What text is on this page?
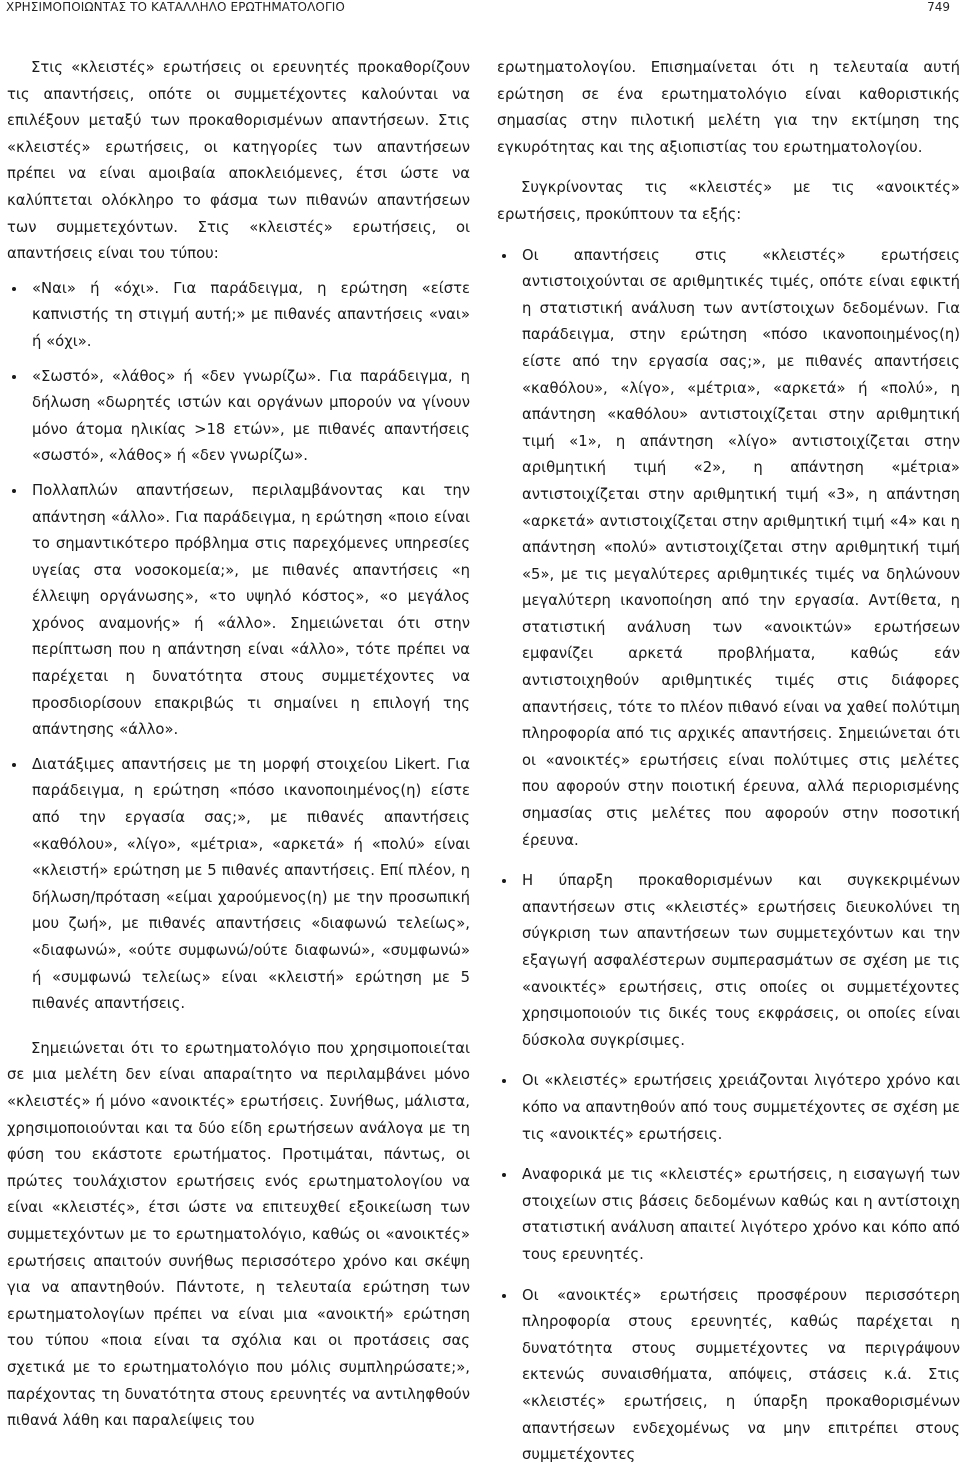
ΧΡΗΣΙΜΟΠΟΙΩΝΤΑΣ ΤΟ ΚΑΤΑΛΛΗΛΟ ΕΡΩΤΗΜΑΤΟΛΟΓΙΟ	749

Στις «κλειστές» ερωτήσεις οι ερευνητές προκαθορίζουν τις απαντήσεις, οπότε οι συμμετέχοντες καλούνται να επιλέξουν μεταξύ των προκαθορισμένων απαντήσεων. Στις «κλειστές» ερωτήσεις, οι κατηγορίες των απαντήσεων πρέπει να είναι αμοιβαία αποκλειόμενες, έτσι ώστε να καλύπτεται ολόκληρο το φάσμα των πιθανών απαντήσεων των συμμετεχόντων. Στις «κλειστές» ερωτήσεις, οι απαντήσεις είναι του τύπου:

«Ναι» ή «όχι». Για παράδειγμα, η ερώτηση «είστε καπνιστής τη στιγμή αυτή;» με πιθανές απαντήσεις «ναι» ή «όχι».
«Σωστό», «λάθος» ή «δεν γνωρίζω». Για παράδειγμα, η δήλωση «δωρητές ιστών και οργάνων μπορούν να γίνουν μόνο άτομα ηλικίας >18 ετών», με πιθανές απαντήσεις «σωστό», «λάθος» ή «δεν γνωρίζω».
Πολλαπλών απαντήσεων, περιλαμβάνοντας και την απάντηση «άλλο». Για παράδειγμα, η ερώτηση «ποιο είναι το σημαντικότερο πρόβλημα στις παρεχόμενες υπηρεσίες υγείας στα νοσοκομεία;», με πιθανές απαντήσεις «η έλλειψη οργάνωσης», «το υψηλό κόστος», «ο μεγάλος χρόνος αναμονής» ή «άλλο». Σημειώνεται ότι στην περίπτωση που η απάντηση είναι «άλλο», τότε πρέπει να παρέχεται η δυνατότητα στους συμμετέχοντες να προσδιορίσουν επακριβώς τι σημαίνει η επιλογή της απάντησης «άλλο».
Διατάξιμες απαντήσεις με τη μορφή στοιχείου Likert. Για παράδειγμα, η ερώτηση «πόσο ικανοποιημένος(η) είστε από την εργασία σας;», με πιθανές απαντήσεις «καθόλου», «λίγο», «μέτρια», «αρκετά» ή «πολύ» είναι «κλειστή» ερώτηση με 5 πιθανές απαντήσεις. Επί πλέον, η δήλωση/πρόταση «είμαι χαρούμενος(η) με την προσωπική μου ζωή», με πιθανές απαντήσεις «διαφωνώ τελείως», «διαφωνώ», «ούτε συμφωνώ/ούτε διαφωνώ», «συμφωνώ» ή «συμφωνώ τελείως» είναι «κλειστή» ερώτηση με 5 πιθανές απαντήσεις.

Σημειώνεται ότι το ερωτηματολόγιο που χρησιμοποιείται σε μια μελέτη δεν είναι απαραίτητο να περιλαμβάνει μόνο «κλειστές» ή μόνο «ανοικτές» ερωτήσεις. Συνήθως, μάλιστα, χρησιμοποιούνται και τα δύο είδη ερωτήσεων ανάλογα με τη φύση του εκάστοτε ερωτήματος. Προτιμάται, πάντως, οι πρώτες τουλάχιστον ερωτήσεις ενός ερωτηματολογίου να είναι «κλειστές», έτσι ώστε να επιτευχθεί εξοικείωση των συμμετεχόντων με το ερωτηματολόγιο, καθώς οι «ανοικτές» ερωτήσεις απαιτούν συνήθως περισσότερο χρόνο και σκέψη για να απαντηθούν. Πάντοτε, η τελευταία ερώτηση των ερωτηματολογίων πρέπει να είναι μια «ανοικτή» ερώτηση του τύπου «ποια είναι τα σχόλια και οι προτάσεις σας σχετικά με το ερωτηματολόγιο που μόλις συμπληρώσατε;», παρέχοντας τη δυνατότητα στους ερευνητές να αντιληφθούν πιθανά λάθη και παραλείψεις του

ερωτηματολογίου. Επισημαίνεται ότι η τελευταία αυτή ερώτηση σε ένα ερωτηματολόγιο είναι καθοριστικής σημασίας στην πιλοτική μελέτη για την εκτίμηση της εγκυρότητας και της αξιοπιστίας του ερωτηματολογίου.

Συγκρίνοντας τις «κλειστές» με τις «ανοικτές» ερωτήσεις, προκύπτουν τα εξής:

Οι απαντήσεις στις «κλειστές» ερωτήσεις αντιστοιχούνται σε αριθμητικές τιμές, οπότε είναι εφικτή η στατιστική ανάλυση των αντίστοιχων δεδομένων. Για παράδειγμα, στην ερώτηση «πόσο ικανοποιημένος(η) είστε από την εργασία σας;», με πιθανές απαντήσεις «καθόλου», «λίγο», «μέτρια», «αρκετά» ή «πολύ», η απάντηση «καθόλου» αντιστοιχίζεται στην αριθμητική τιμή «1», η απάντηση «λίγο» αντιστοιχίζεται στην αριθμητική τιμή «2», η απάντηση «μέτρια» αντιστοιχίζεται στην αριθμητική τιμή «3», η απάντηση «αρκετά» αντιστοιχίζεται στην αριθμητική τιμή «4» και η απάντηση «πολύ» αντιστοιχίζεται στην αριθμητική τιμή «5», με τις μεγαλύτερες αριθμητικές τιμές να δηλώνουν μεγαλύτερη ικανοποίηση από την εργασία. Αντίθετα, η στατιστική ανάλυση των «ανοικτών» ερωτήσεων εμφανίζει αρκετά προβλήματα, καθώς εάν αντιστοιχηθούν αριθμητικές τιμές στις διάφορες απαντήσεις, τότε το πλέον πιθανό είναι να χαθεί πολύτιμη πληροφορία από τις αρχικές απαντήσεις. Σημειώνεται ότι οι «ανοικτές» ερωτήσεις είναι πολύτιμες στις μελέτες που αφορούν στην ποιοτική έρευνα, αλλά περιορισμένης σημασίας στις μελέτες που αφορούν στην ποσοτική έρευνα.
Η ύπαρξη προκαθορισμένων και συγκεκριμένων απαντήσεων στις «κλειστές» ερωτήσεις διευκολύνει τη σύγκριση των απαντήσεων των συμμετεχόντων και την εξαγωγή ασφαλέστερων συμπερασμάτων σε σχέση με τις «ανοικτές» ερωτήσεις, στις οποίες οι συμμετέχοντες χρησιμοποιούν τις δικές τους εκφράσεις, οι οποίες είναι δύσκολα συγκρίσιμες.
Οι «κλειστές» ερωτήσεις χρειάζονται λιγότερο χρόνο και κόπο να απαντηθούν από τους συμμετέχοντες σε σχέση με τις «ανοικτές» ερωτήσεις.
Αναφορικά με τις «κλειστές» ερωτήσεις, η εισαγωγή των στοιχείων στις βάσεις δεδομένων καθώς και η αντίστοιχη στατιστική ανάλυση απαιτεί λιγότερο χρόνο και κόπο από τους ερευνητές.
Οι «ανοικτές» ερωτήσεις προσφέρουν περισσότερη πληροφορία στους ερευνητές, καθώς παρέχεται η δυνατότητα στους συμμετέχοντες να περιγράψουν εκτενώς συναισθήματα, απόψεις, στάσεις κ.ά. Στις «κλειστές» ερωτήσεις, η ύπαρξη προκαθορισμένων απαντήσεων ενδεχομένως να μην επιτρέπει στους συμμετέχοντες
